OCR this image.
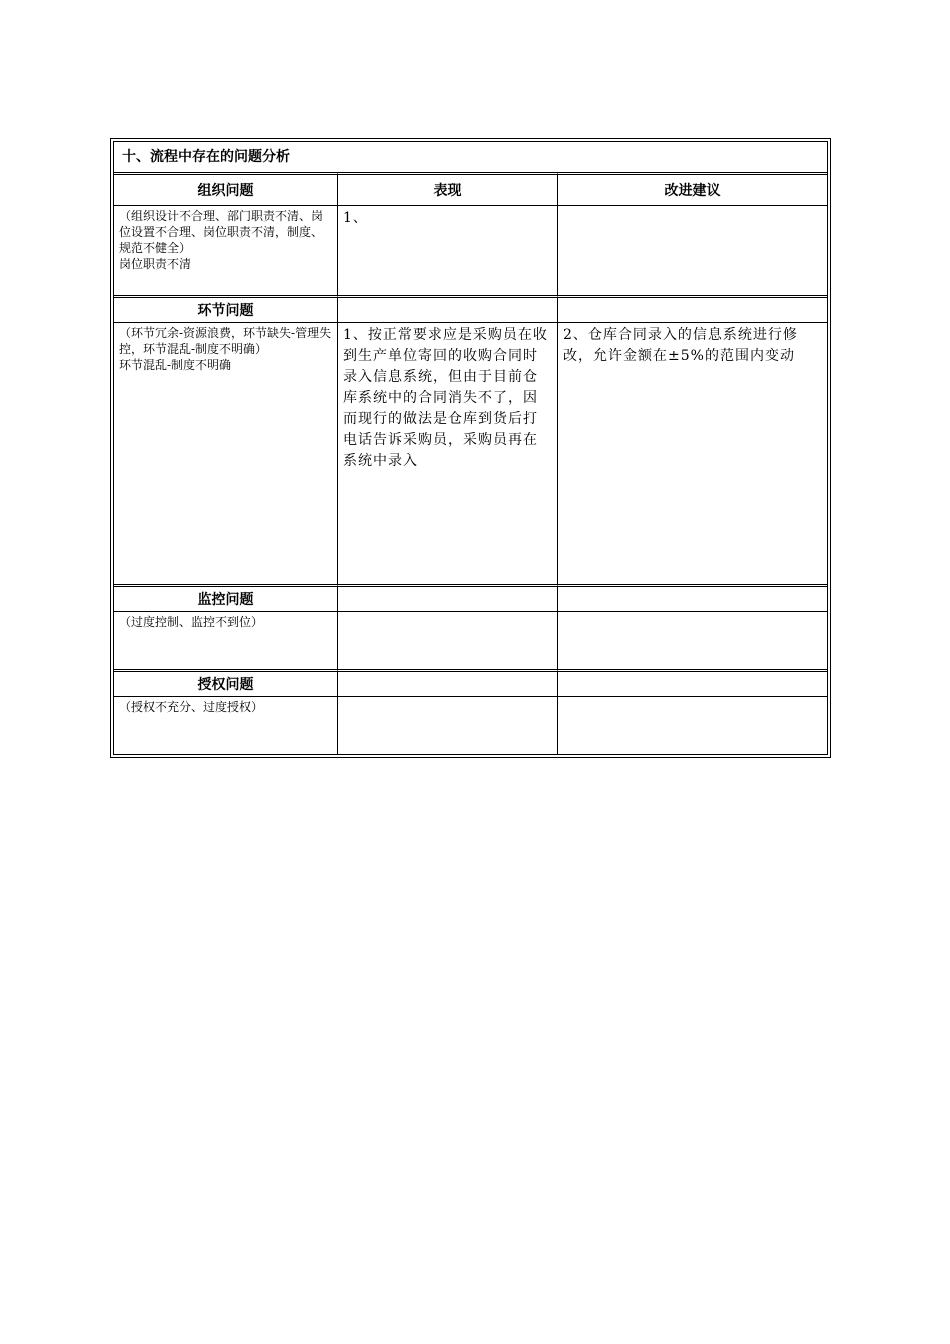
十、流程中存在的问题分析
组织问题	表现	改进建议
（组织设计不合理、部门职责不清、岗位设置不合理、岗位职责不清，制度、规范不健全）
岗位职责不清
1、
环节问题
（环节冗余-资源浪费，环节缺失-管理失控，环节混乱-制度不明确）
环节混乱-制度不明确
1、按正常要求应是采购员在收到生产单位寄回的收购合同时录入信息系统，但由于目前仓库系统中的合同消失不了，因而现行的做法是仓库到货后打电话告诉采购员，采购员再在系统中录入
2、仓库合同录入的信息系统进行修改，允许金额在±5%的范围内变动
监控问题
（过度控制、监控不到位）
授权问题
（授权不充分、过度授权）
